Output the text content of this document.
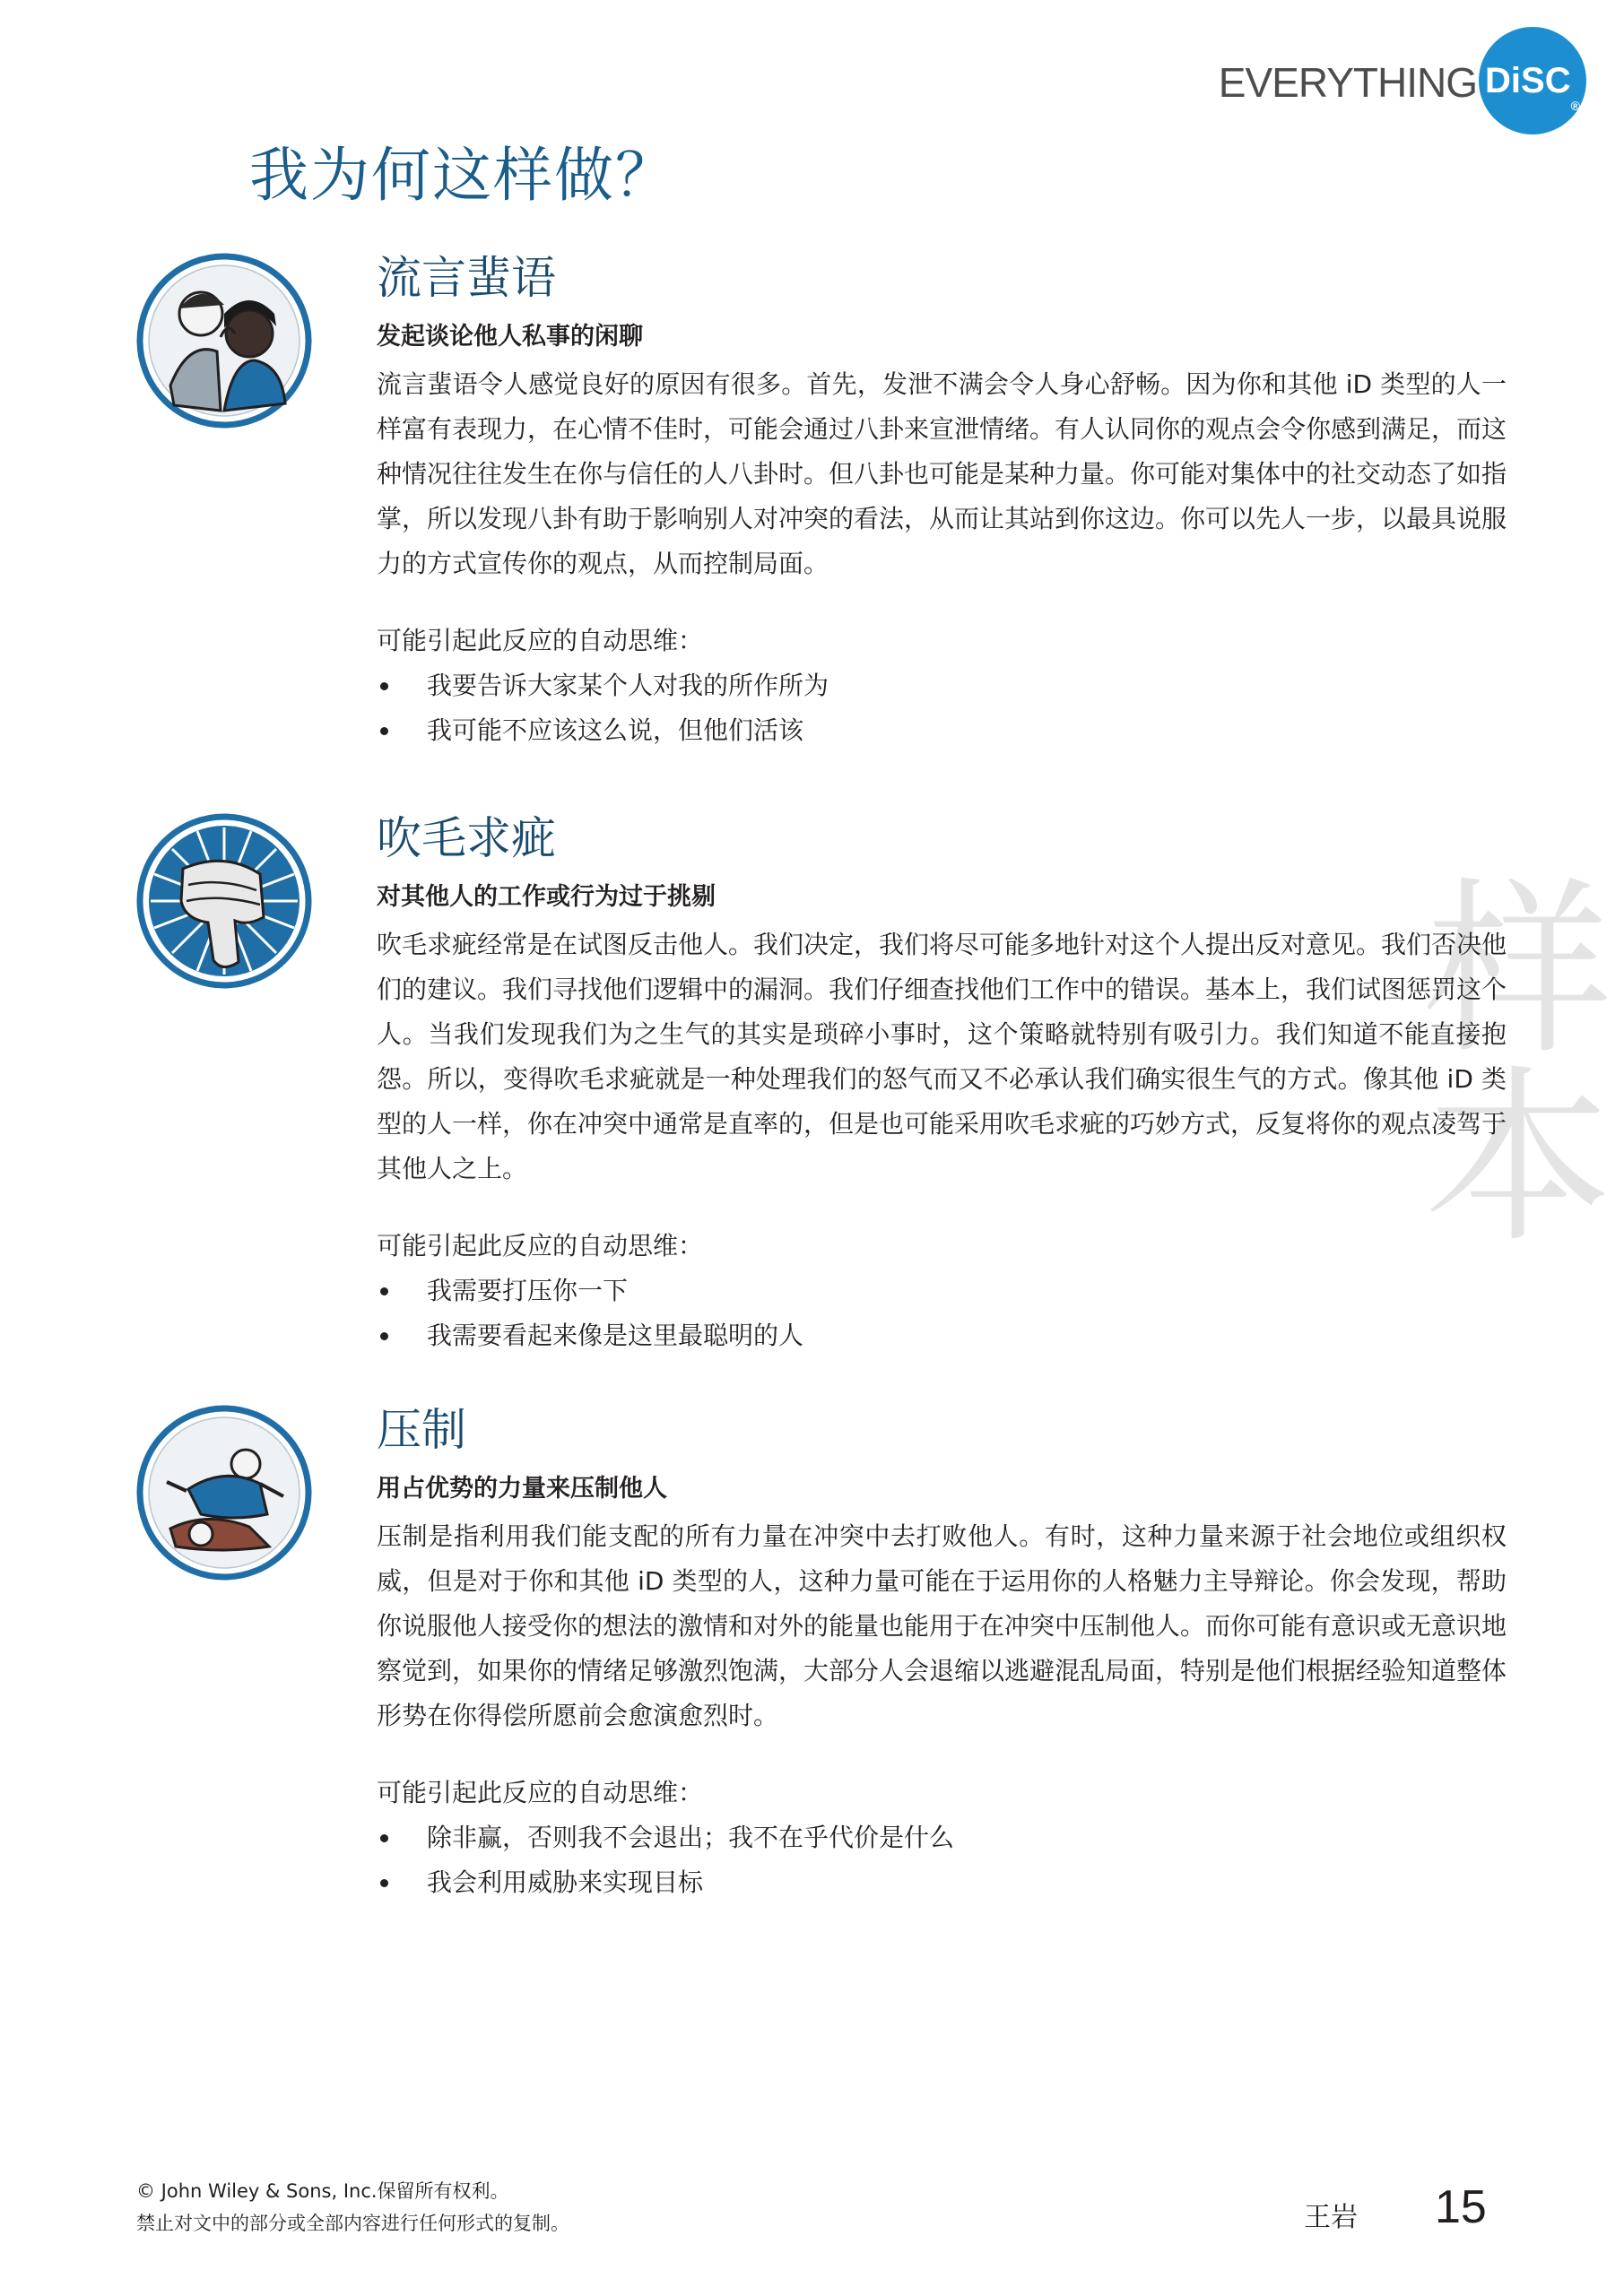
EVERYTHING DiSC
®
我为何这样做？
样本
流言蜚语
发起谈论他人私事的闲聊

流言蜚语令人感觉良好的原因有很多。首先，发泄不满会令人身心舒畅。因为你和其他 iD 类型的人一样富有表现力，在心情不佳时，可能会通过八卦来宣泄情绪。有人认同你的观点会令你感到满足，而这种情况往往发生在你与信任的人八卦时。但八卦也可能是某种力量。你可能对集体中的社交动态了如指掌，所以发现八卦有助于影响别人对冲突的看法，从而让其站到你这边。你可以先人一步，以最具说服力的方式宣传你的观点，从而控制局面。

可能引起此反应的自动思维：

我要告诉大家某个人对我的所作所为
我可能不应该这么说，但他们活该
吹毛求疵
对其他人的工作或行为过于挑剔

吹毛求疵经常是在试图反击他人。我们决定，我们将尽可能多地针对这个人提出反对意见。我们否决他们的建议。我们寻找他们逻辑中的漏洞。我们仔细查找他们工作中的错误。基本上，我们试图惩罚这个人。当我们发现我们为之生气的其实是琐碎小事时，这个策略就特别有吸引力。我们知道不能直接抱怨。所以，变得吹毛求疵就是一种处理我们的怒气而又不必承认我们确实很生气的方式。像其他 iD 类型的人一样，你在冲突中通常是直率的，但是也可能采用吹毛求疵的巧妙方式，反复将你的观点凌驾于其他人之上。

可能引起此反应的自动思维：

我需要打压你一下
我需要看起来像是这里最聪明的人
压制
用占优势的力量来压制他人

压制是指利用我们能支配的所有力量在冲突中去打败他人。有时，这种力量来源于社会地位或组织权威，但是对于你和其他 iD 类型的人，这种力量可能在于运用你的人格魅力主导辩论。你会发现，帮助你说服他人接受你的想法的激情和对外的能量也能用于在冲突中压制他人。而你可能有意识或无意识地察觉到，如果你的情绪足够激烈饱满，大部分人会退缩以逃避混乱局面，特别是他们根据经验知道整体形势在你得偿所愿前会愈演愈烈时。

可能引起此反应的自动思维：

除非赢，否则我不会退出；我不在乎代价是什么
我会利用威胁来实现目标
© John Wiley & Sons, Inc.保留所有权利。
禁止对文中的部分或全部内容进行任何形式的复制。	王岩 15
